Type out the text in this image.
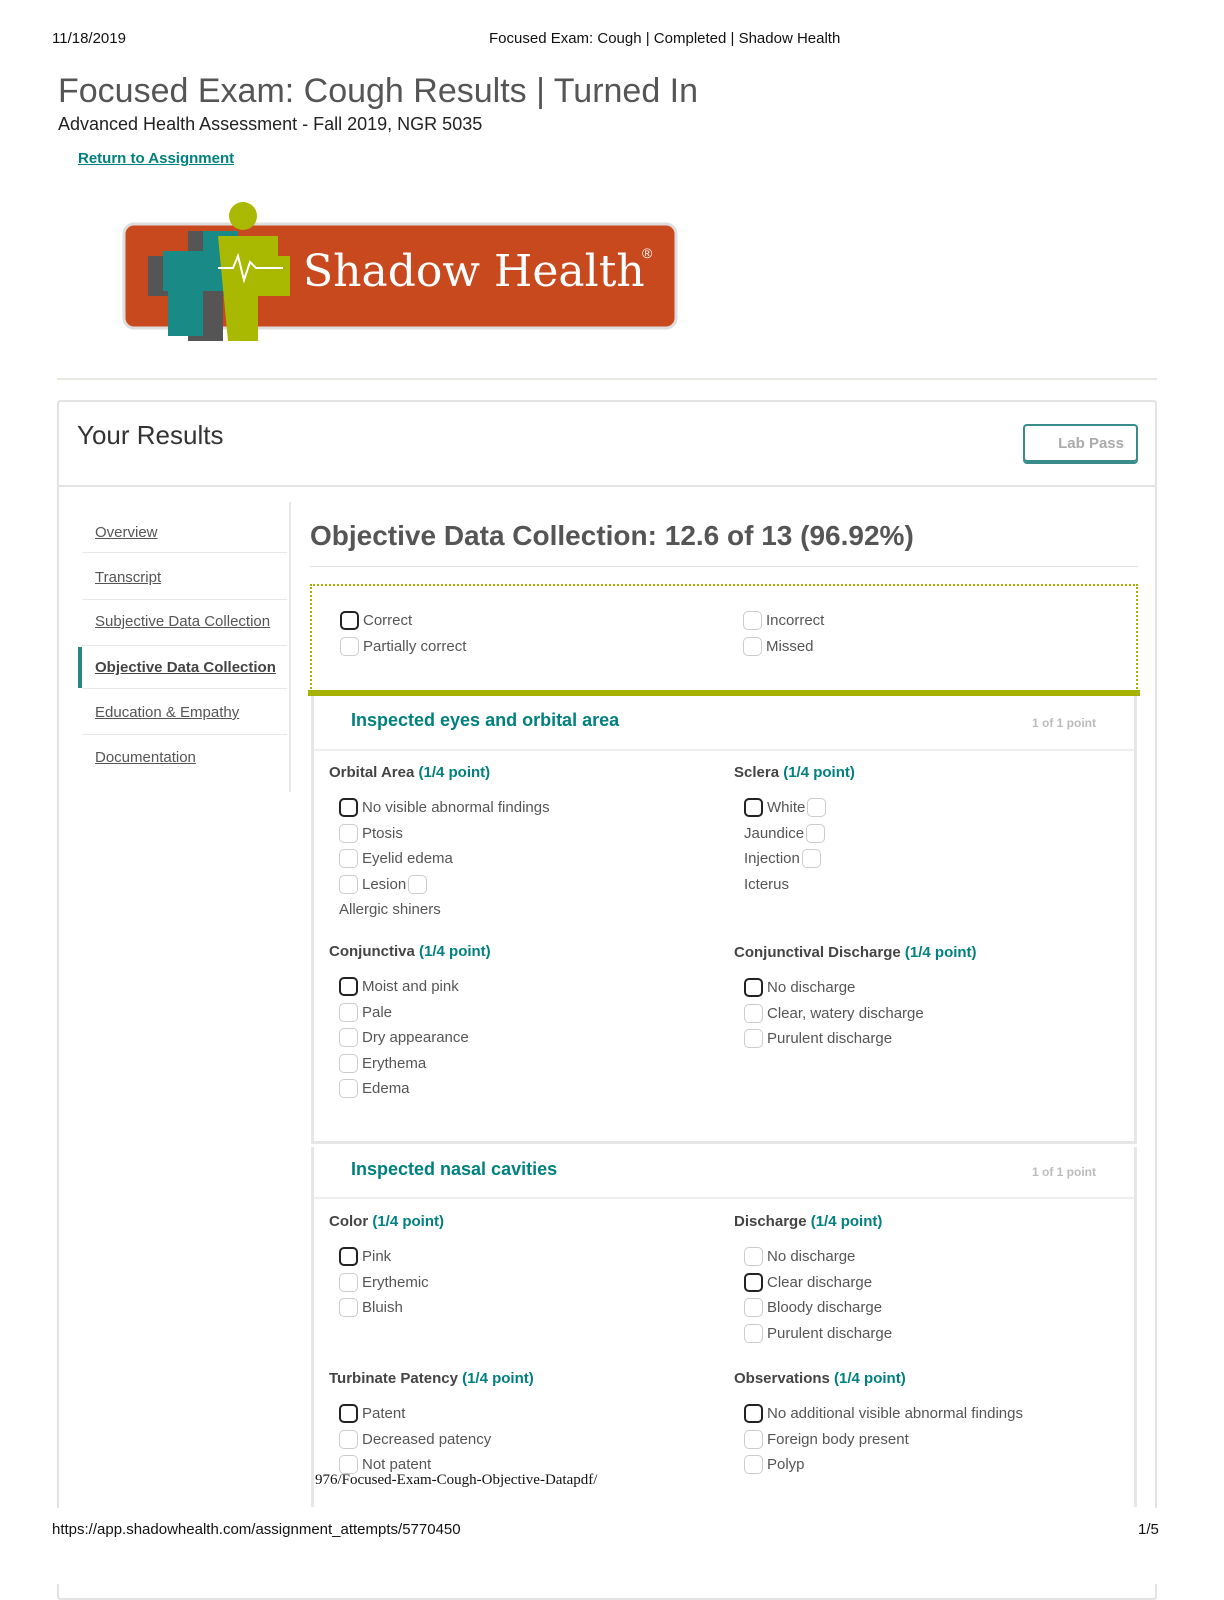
11/18/2019	Focused Exam: Cough | Completed | Shadow Health
Focused Exam: Cough Results | Turned In
Advanced Health Assessment - Fall 2019, NGR 5035
Return to Assignment
Shadow Health
®
Your Results	Lab Pass
Overview
Transcript
Subjective Data Collection
Objective Data Collection
Education & Empathy
Documentation
Objective Data Collection: 12.6 of 13 (96.92%)
Correct
Partially correct
Incorrect
Missed
Inspected eyes and orbital area	1 of 1 point
Orbital Area (1/4 point)
No visible abnormal findings
Ptosis
Eyelid edema
Lesion
Allergic shiners
Sclera (1/4 point)
White
Jaundice
Injection
Icterus
Conjunctiva (1/4 point)
Moist and pink
Pale
Dry appearance
Erythema
Edema
Conjunctival Discharge (1/4 point)
No discharge
Clear, watery discharge
Purulent discharge
Inspected nasal cavities	1 of 1 point
Color (1/4 point)
Pink
Erythemic
Bluish
Discharge (1/4 point)
No discharge
Clear discharge
Bloody discharge
Purulent discharge
Turbinate Patency (1/4 point)
Patent
Decreased patency
Not patent
Observations (1/4 point)
No additional visible abnormal findings
Foreign body present
Polyp
976/Focused-Exam-Cough-Objective-Datapdf/
https://app.shadowhealth.com/assignment_attempts/5770450	1/5
